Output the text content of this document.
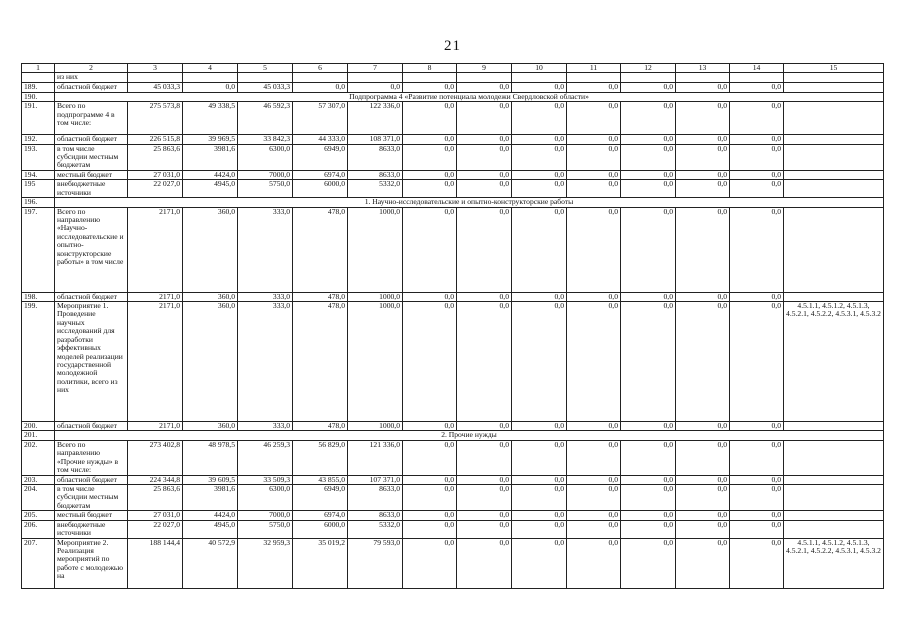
21
1	2	3	4	5	6	7	8	9	10	11	12	13	14	15
	из них													
189.	областной бюджет	45 033,3	0,0	45 033,3	0,0	0,0	0,0	0,0	0,0	0,0	0,0	0,0	0,0	
190.	Подпрограмма 4 «Развитие потенциала молодежи Свердловской области»													
191.	Всего по подпрограмме 4 в том числе:	275 573,8	49 338,5	46 592,3	57 307,0	122 336,0	0,0	0,0	0,0	0,0	0,0	0,0	0,0	
192.	областной бюджет	226 515,8	39 969,5	33 842,3	44 333,0	108 371,0	0,0	0,0	0,0	0,0	0,0	0,0	0,0	
193.	в том числе субсидии местным бюджетам	25 863,6	3981,6	6300,0	6949,0	8633,0	0,0	0,0	0,0	0,0	0,0	0,0	0,0	
194.	местный бюджет	27 031,0	4424,0	7000,0	6974,0	8633,0	0,0	0,0	0,0	0,0	0,0	0,0	0,0	
195	внебюджетные источники	22 027,0	4945,0	5750,0	6000,0	5332,0	0,0	0,0	0,0	0,0	0,0	0,0	0,0	
196.	1. Научно-исследовательские и опытно-конструкторские работы													
197.	Всего по направлению «Научно-исследовательские и опытно-конструкторские работы» в том числе	2171,0	360,0	333,0	478,0	1000,0	0,0	0,0	0,0	0,0	0,0	0,0	0,0	
198.	областной бюджет	2171,0	360,0	333,0	478,0	1000,0	0,0	0,0	0,0	0,0	0,0	0,0	0,0	
199.	Мероприятие 1. Проведение научных исследований для разработки эффективных моделей реализации государственной молодежной политики, всего из них	2171,0	360,0	333,0	478,0	1000,0	0,0	0,0	0,0	0,0	0,0	0,0	0,0	4.5.1.1, 4.5.1.2, 4.5.1.3, 4.5.2.1, 4.5.2.2, 4.5.3.1, 4.5.3.2
200.	областной бюджет	2171,0	360,0	333,0	478,0	1000,0	0,0	0,0	0,0	0,0	0,0	0,0	0,0	
201.	2. Прочие нужды													
202.	Всего по направлению «Прочие нужды» в том числе:	273 402,8	48 978,5	46 259,3	56 829,0	121 336,0	0,0	0,0	0,0	0,0	0,0	0,0	0,0	
203.	областной бюджет	224 344,8	39 609,5	33 509,3	43 855,0	107 371,0	0,0	0,0	0,0	0,0	0,0	0,0	0,0	
204.	в том числе субсидии местным бюджетам	25 863,6	3981,6	6300,0	6949,0	8633,0	0,0	0,0	0,0	0,0	0,0	0,0	0,0	
205.	местный бюджет	27 031,0	4424,0	7000,0	6974,0	8633,0	0,0	0,0	0,0	0,0	0,0	0,0	0,0	
206.	внебюджетные источники	22 027,0	4945,0	5750,0	6000,0	5332,0	0,0	0,0	0,0	0,0	0,0	0,0	0,0	
207.	Мероприятие 2. Реализация мероприятий по работе с молодежью на	188 144,4	40 572,9	32 959,3	35 019,2	79 593,0	0,0	0,0	0,0	0,0	0,0	0,0	0,0	4.5.1.1, 4.5.1.2, 4.5.1.3, 4.5.2.1, 4.5.2.2, 4.5.3.1, 4.5.3.2
